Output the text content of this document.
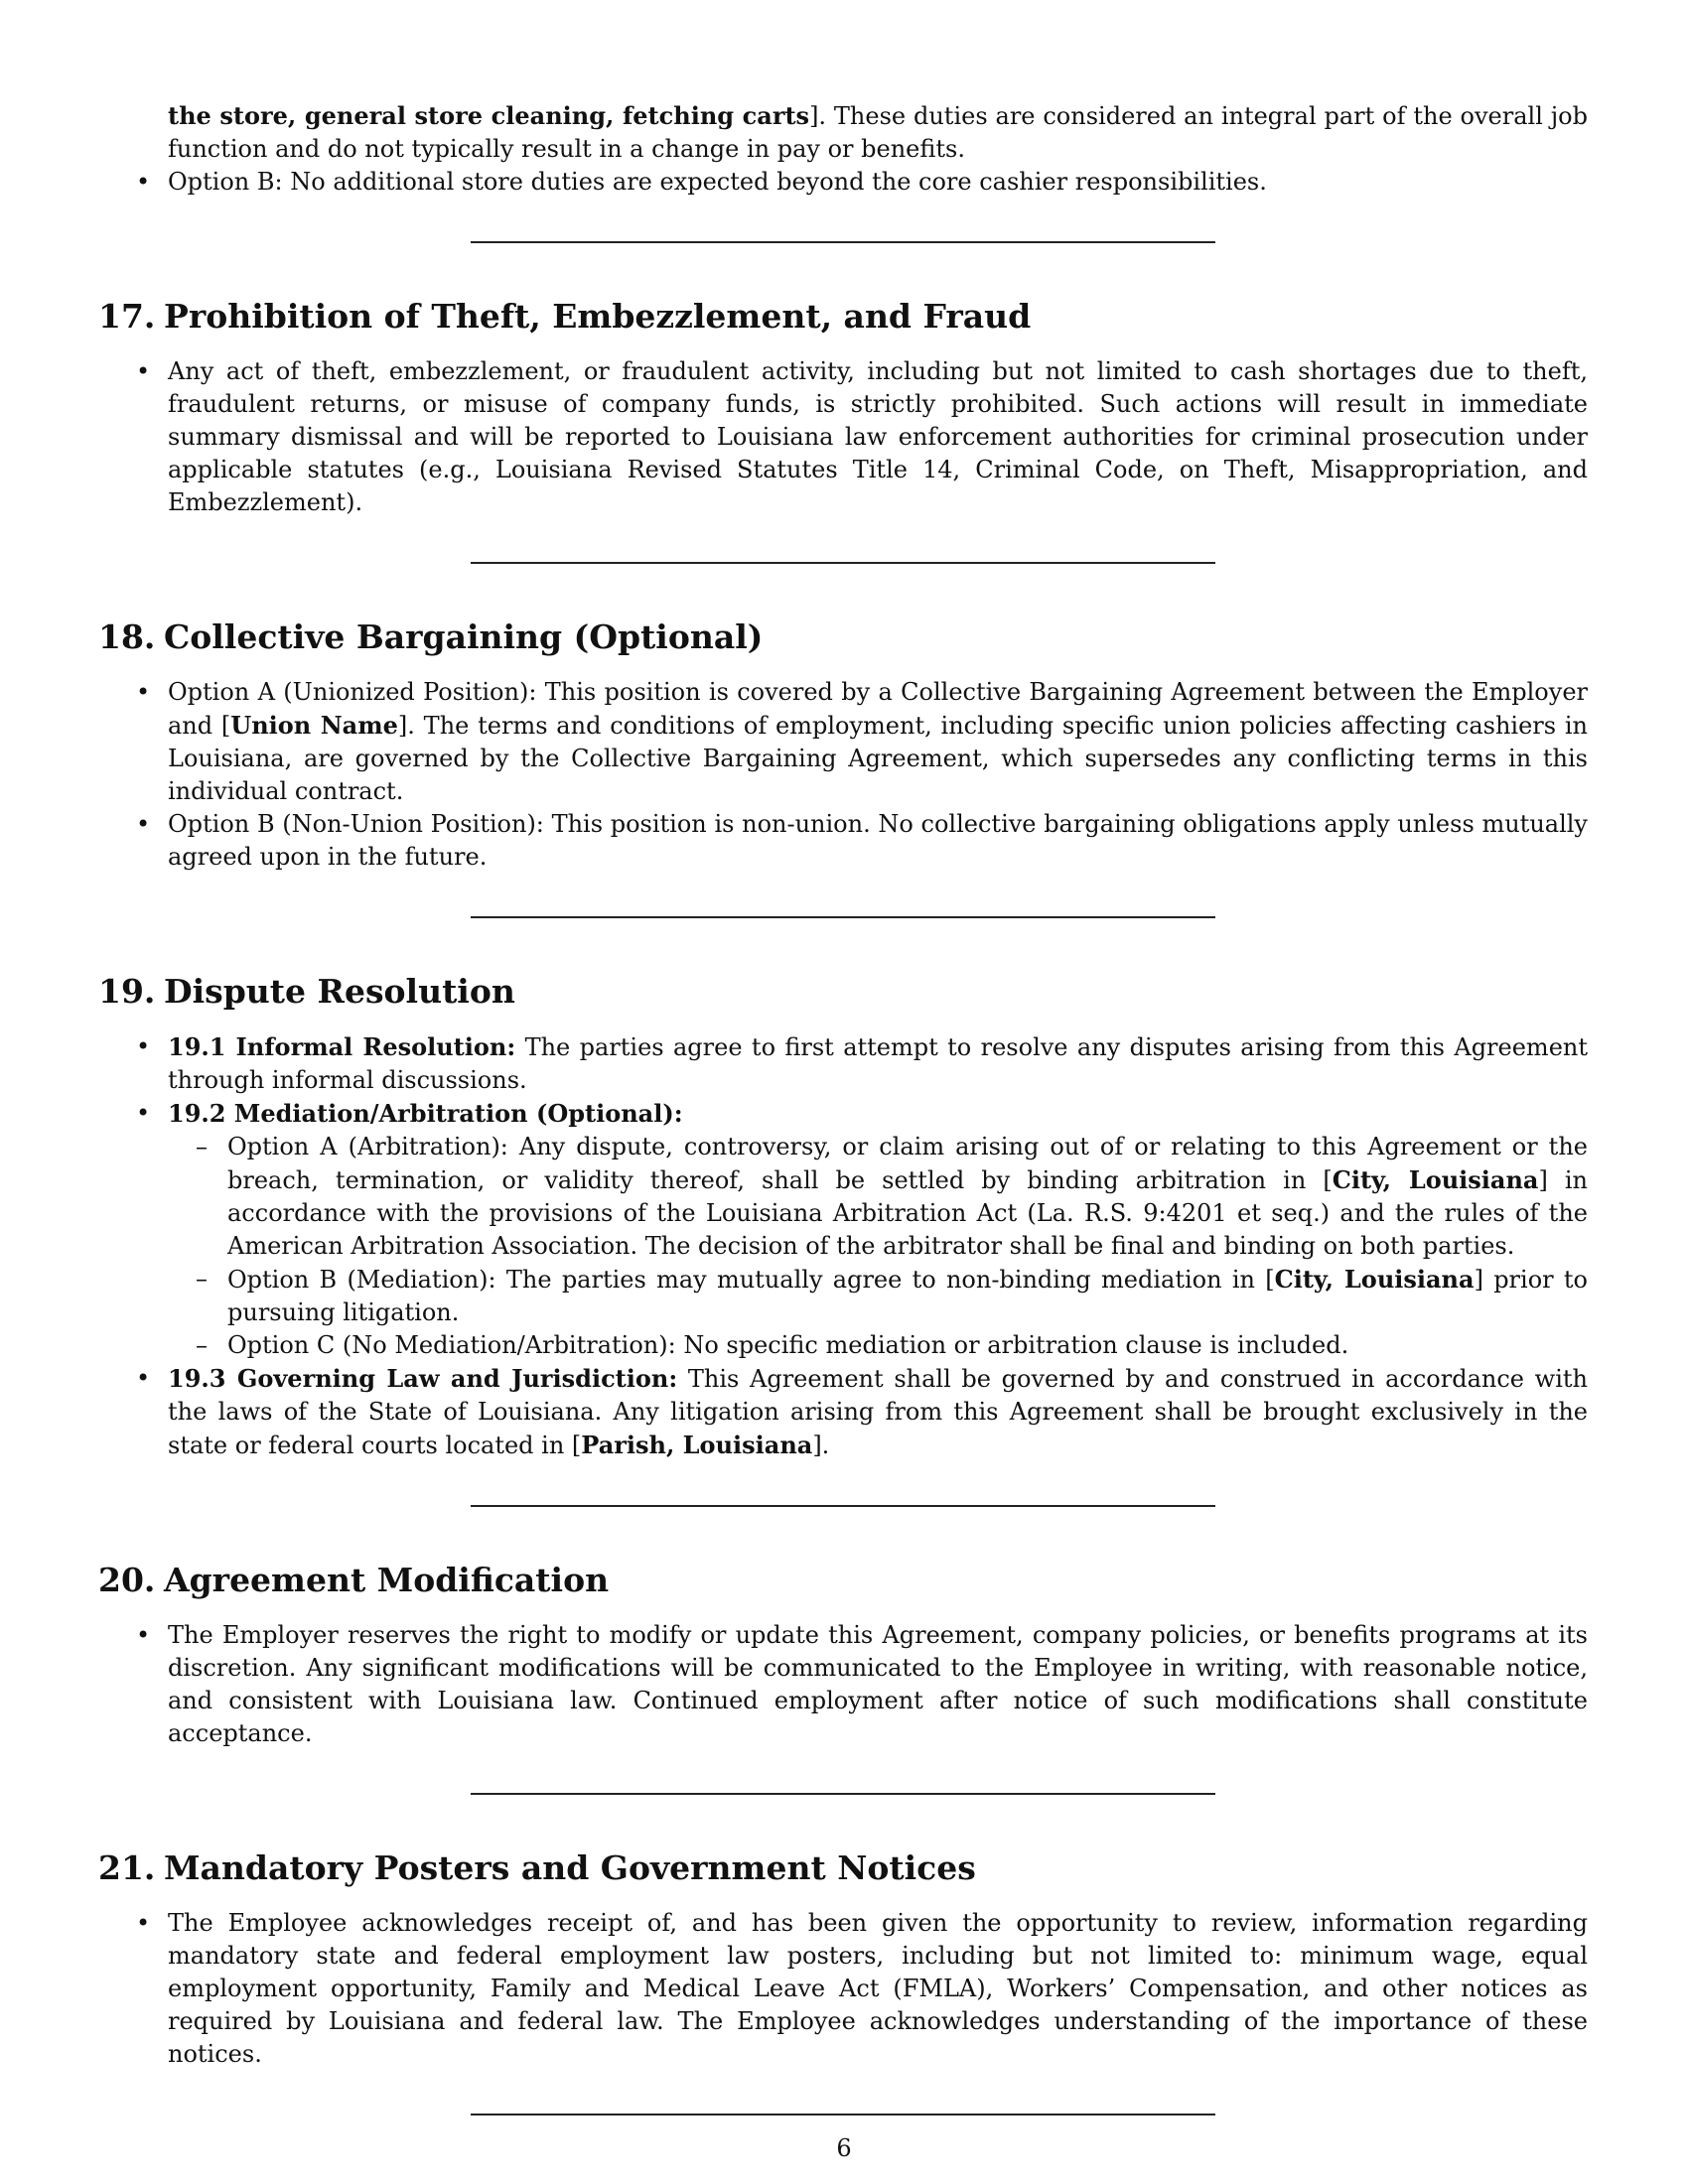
the store, general store cleaning, fetching carts]. These duties are considered an integral part of the overall job function and do not typically result in a change in pay or benefits.

• Option B: No additional store duties are expected beyond the core cashier responsibilities.
17. Prohibition of Theft, Embezzlement, and Fraud
• Any act of theft, embezzlement, or fraudulent activity, including but not limited to cash shortages due to theft, fraudulent returns, or misuse of company funds, is strictly prohibited. Such actions will result in immediate summary dismissal and will be reported to Louisiana law enforcement authorities for criminal prosecution under applicable statutes (e.g., Louisiana Revised Statutes Title 14, Criminal Code, on Theft, Misappropriation, and Embezzlement).
18. Collective Bargaining (Optional)
• Option A (Unionized Position): This position is covered by a Collective Bargaining Agreement between the Employer and [Union Name]. The terms and conditions of employment, including specific union policies affecting cashiers in Louisiana, are governed by the Collective Bargaining Agreement, which supersedes any conflicting terms in this individual contract.
• Option B (Non-Union Position): This position is non-union. No collective bargaining obligations apply unless mutually agreed upon in the future.
19. Dispute Resolution
• 19.1 Informal Resolution: The parties agree to first attempt to resolve any disputes arising from this Agreement through informal discussions.
• 19.2 Mediation/Arbitration (Optional):
– Option A (Arbitration): Any dispute, controversy, or claim arising out of or relating to this Agreement or the breach, termination, or validity thereof, shall be settled by binding arbitration in [City, Louisiana] in accordance with the provisions of the Louisiana Arbitration Act (La. R.S. 9:4201 et seq.) and the rules of the American Arbitration Association. The decision of the arbitrator shall be final and binding on both parties.
– Option B (Mediation): The parties may mutually agree to non-binding mediation in [City, Louisiana] prior to pursuing litigation.
– Option C (No Mediation/Arbitration): No specific mediation or arbitration clause is included.
• 19.3 Governing Law and Jurisdiction: This Agreement shall be governed by and construed in accordance with the laws of the State of Louisiana. Any litigation arising from this Agreement shall be brought exclusively in the state or federal courts located in [Parish, Louisiana].
20. Agreement Modification
• The Employer reserves the right to modify or update this Agreement, company policies, or benefits programs at its discretion. Any significant modifications will be communicated to the Employee in writing, with reasonable notice, and consistent with Louisiana law. Continued employment after notice of such modifications shall constitute acceptance.
21. Mandatory Posters and Government Notices
• The Employee acknowledges receipt of, and has been given the opportunity to review, information regarding mandatory state and federal employment law posters, including but not limited to: minimum wage, equal employment opportunity, Family and Medical Leave Act (FMLA), Workers’ Compensation, and other notices as required by Louisiana and federal law. The Employee acknowledges understanding of the importance of these notices.
6
